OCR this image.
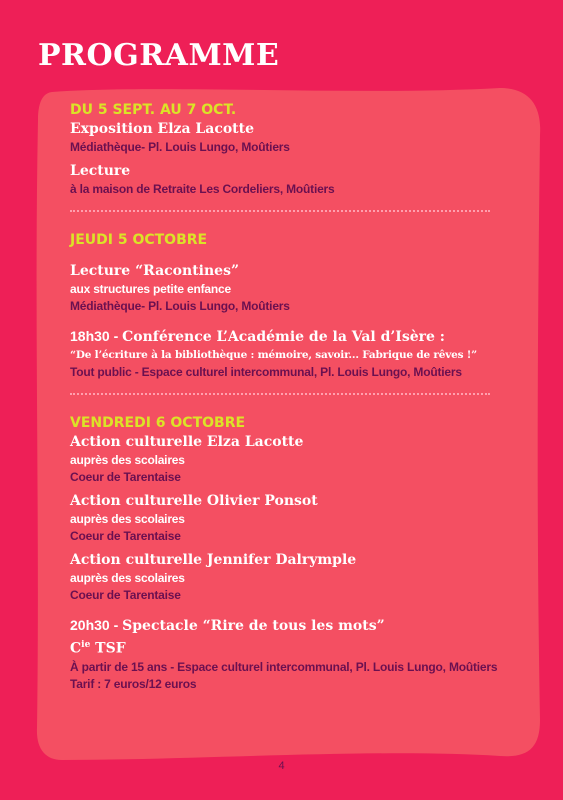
PROGRAMME
DU 5 SEPT. AU 7 OCT.
Exposition Elza Lacotte
Médiathèque- Pl. Louis Lungo, Moûtiers
Lecture
à la maison de Retraite Les Cordeliers, Moûtiers
JEUDI 5 OCTOBRE
Lecture “Racontines”
aux structures petite enfance
Médiathèque- Pl. Louis Lungo, Moûtiers
18h30 - Conférence L’Académie de la Val d’Isère :
“De l’écriture à la bibliothèque : mémoire, savoir... Fabrique de rêves !”
Tout public - Espace culturel intercommunal, Pl. Louis Lungo, Moûtiers
VENDREDI 6 OCTOBRE
Action culturelle Elza Lacotte
auprès des scolaires
Coeur de Tarentaise
Action culturelle Olivier Ponsot
auprès des scolaires
Coeur de Tarentaise
Action culturelle Jennifer Dalrymple
auprès des scolaires
Coeur de Tarentaise
20h30 - Spectacle “Rire de tous les mots”
$C^{ie}$ TSF
À partir de 15 ans - Espace culturel intercommunal, Pl. Louis Lungo, Moûtiers
Tarif : 7 euros/12 euros
4
